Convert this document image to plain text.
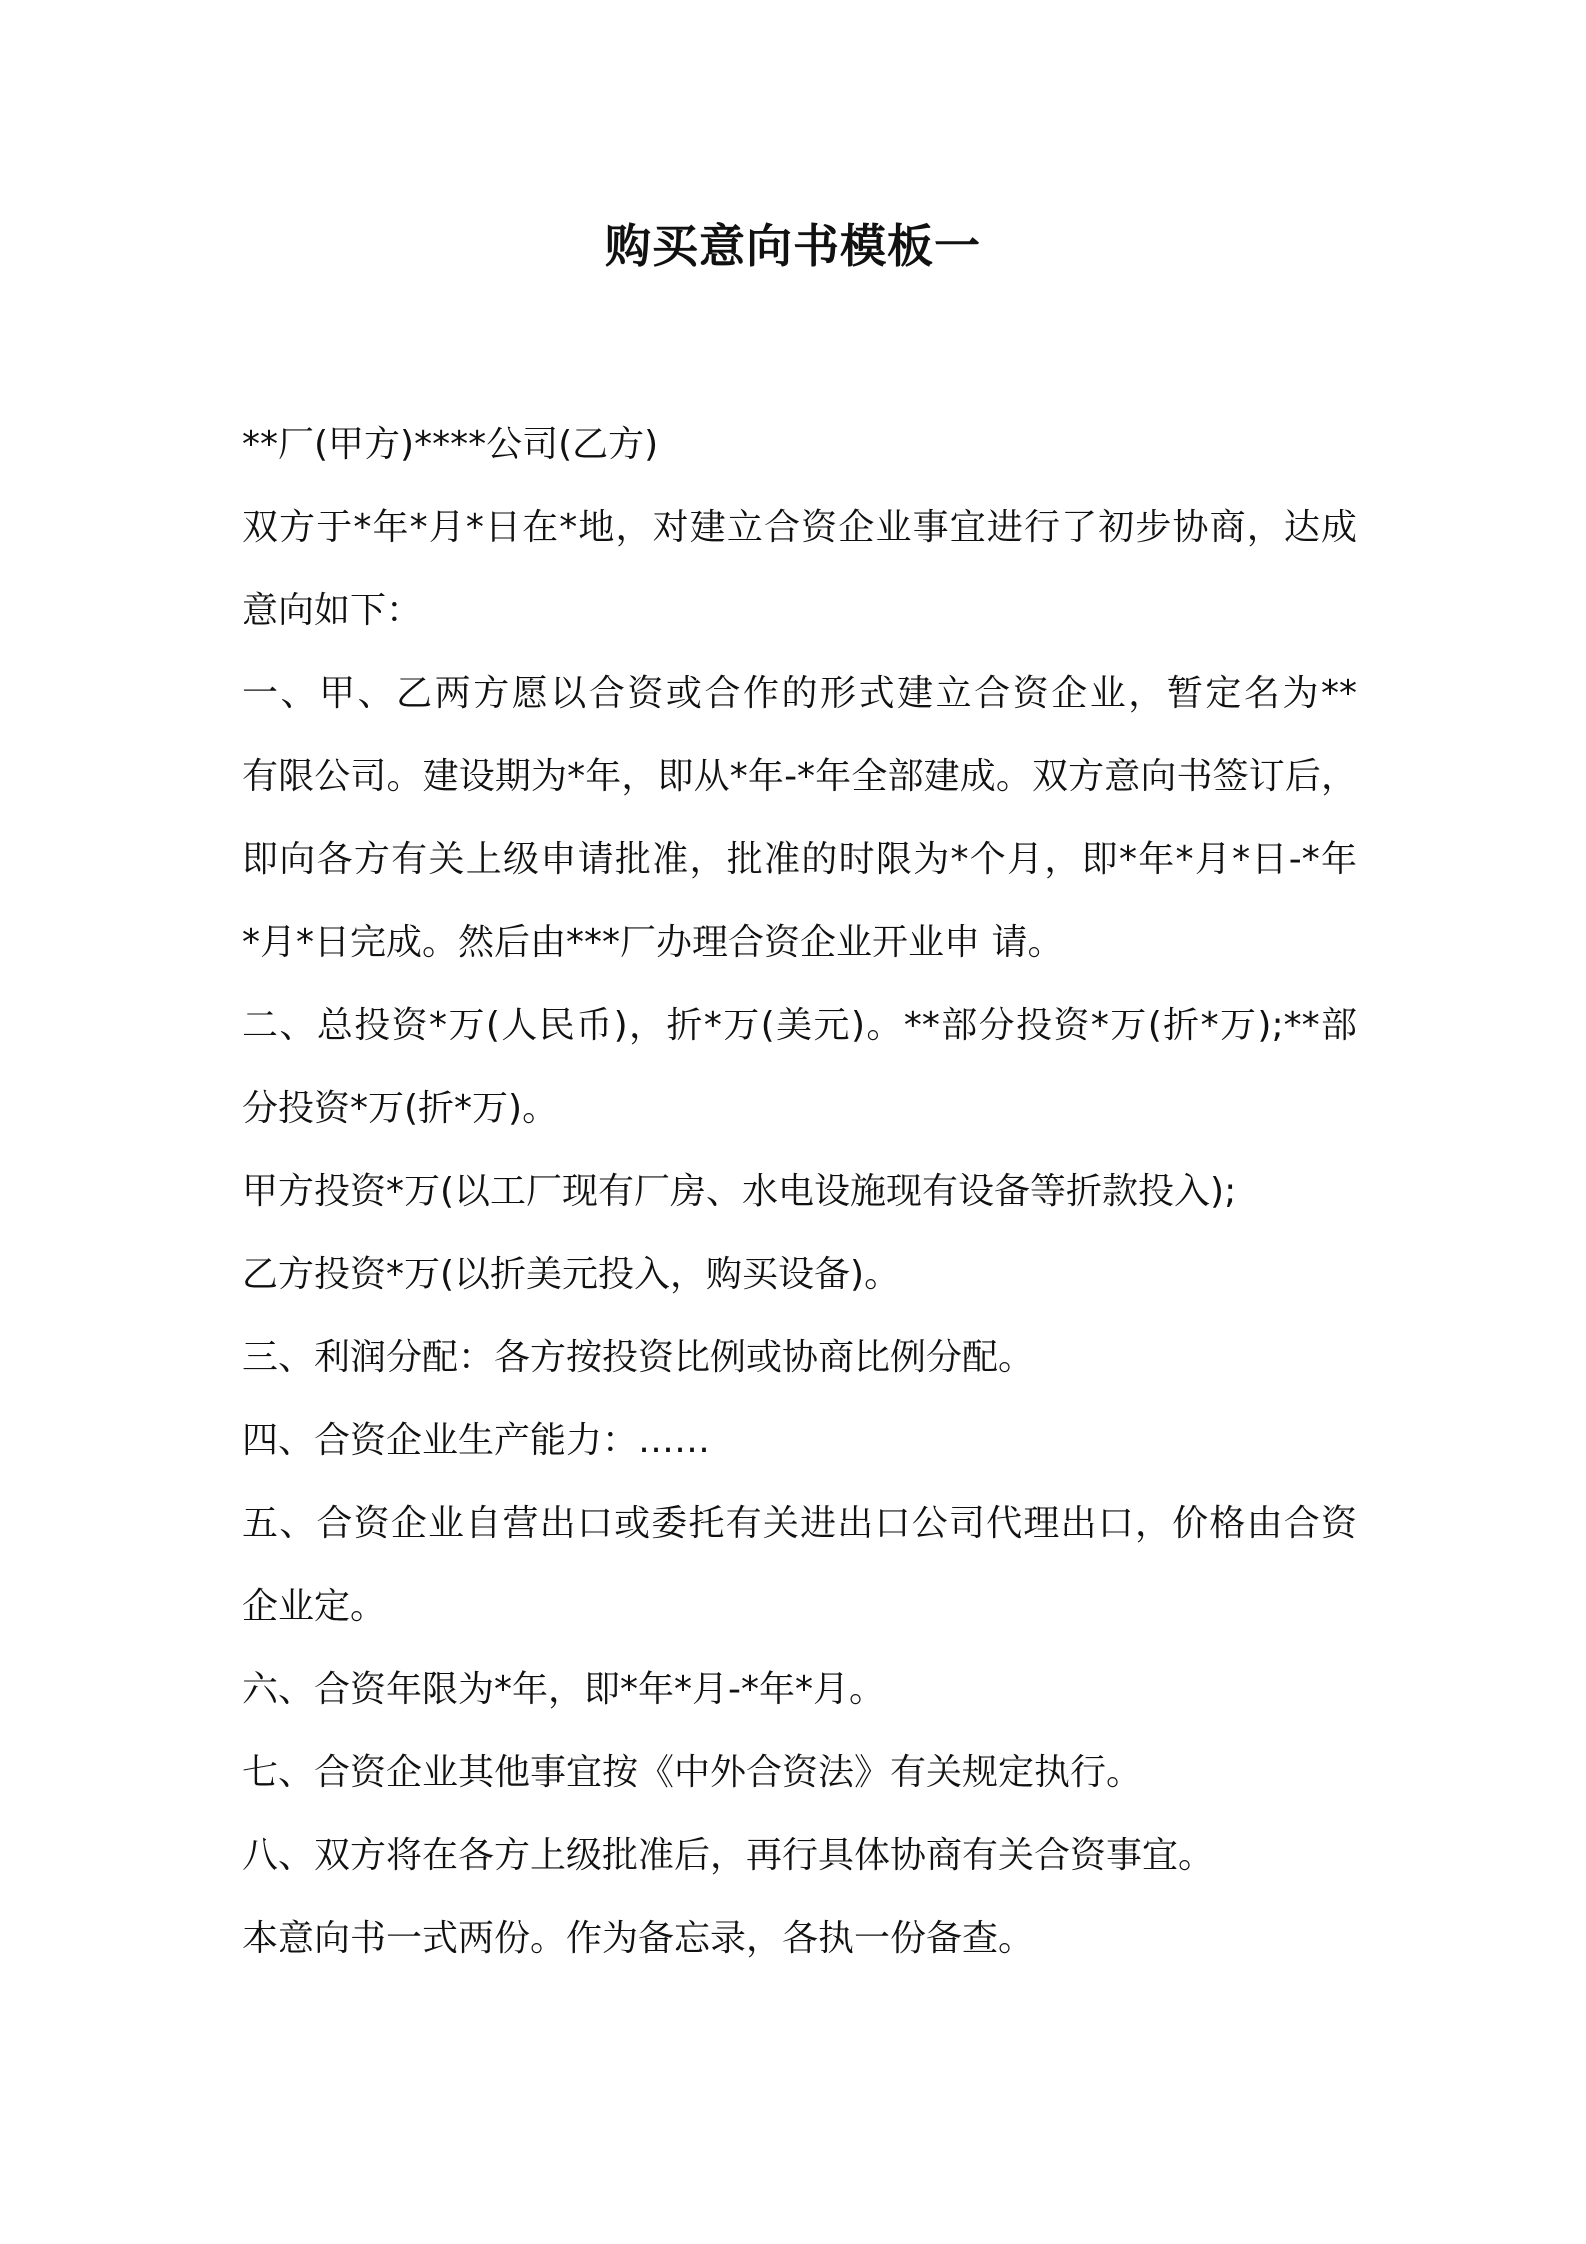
购买意向书模板一
**厂(甲方)****公司(乙方)
双方于*年*月*日在*地，对建立合资企业事宜进行了初步协商，达成
意向如下：
一、甲、乙两方愿以合资或合作的形式建立合资企业，暂定名为**
有限公司。建设期为*年，即从*年-*年全部建成。双方意向书签订后，
即向各方有关上级申请批准，批准的时限为*个月，即*年*月*日-*年
*月*日完成。然后由***厂办理合资企业开业申 请。
二、总投资*万(人民币)，折*万(美元)。**部分投资*万(折*万);**部
分投资*万(折*万)。
甲方投资*万(以工厂现有厂房、水电设施现有设备等折款投入);
乙方投资*万(以折美元投入，购买设备)。
三、利润分配：各方按投资比例或协商比例分配。
四、合资企业生产能力：……
五、合资企业自营出口或委托有关进出口公司代理出口，价格由合资
企业定。
六、合资年限为*年，即*年*月-*年*月。
七、合资企业其他事宜按《中外合资法》有关规定执行。
八、双方将在各方上级批准后，再行具体协商有关合资事宜。
本意向书一式两份。作为备忘录，各执一份备查。
